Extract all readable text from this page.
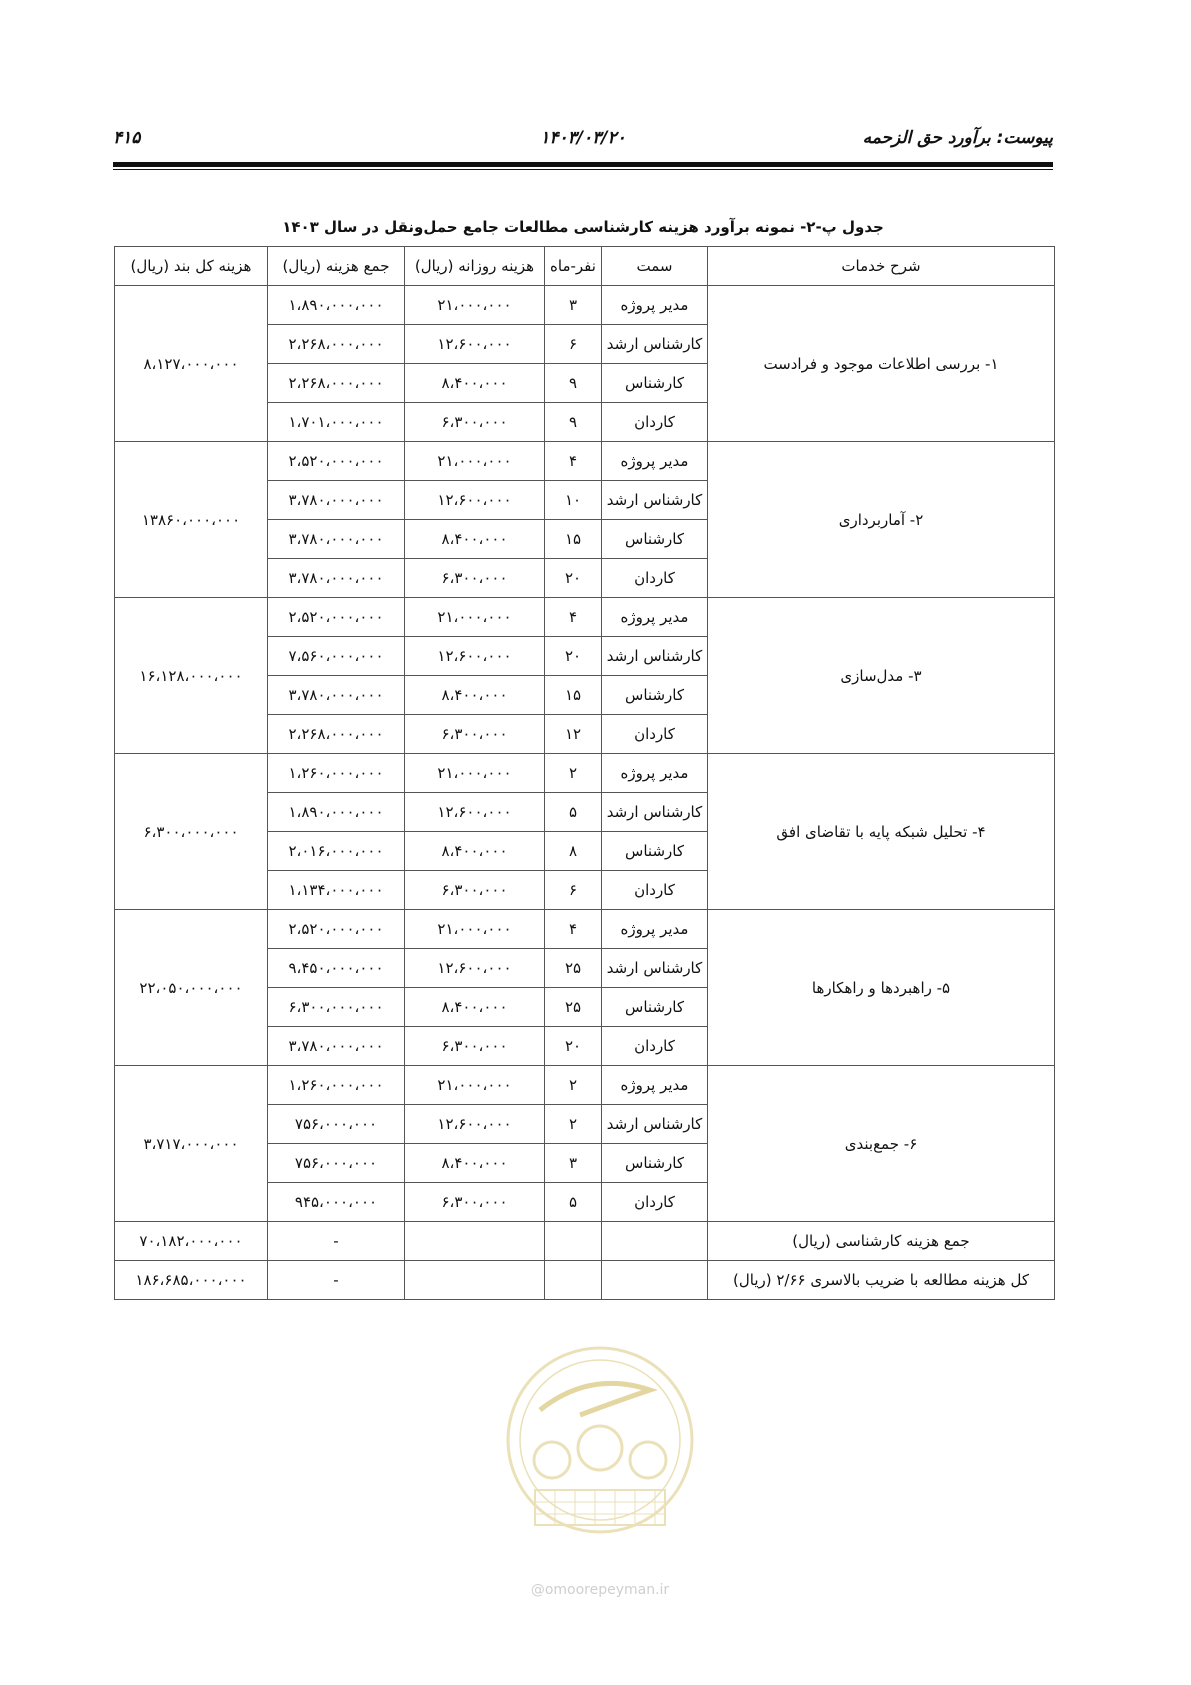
پیوست: برآورد حق الزحمه
۱۴۰۳/۰۳/۲۰
۴۱۵
جدول پ-۲- نمونه برآورد هزینه کارشناسی مطالعات جامع حمل‌ونقل در سال ۱۴۰۳
شرح خدمات	سمت	نفر-ماه	هزینه روزانه (ریال)	جمع هزینه (ریال)	هزینه کل بند (ریال)
۱- بررسی اطلاعات موجود و فرادست	مدیر پروژه	۳	۲۱،۰۰۰،۰۰۰	۱،۸۹۰،۰۰۰،۰۰۰	۸،۱۲۷،۰۰۰،۰۰۰
	کارشناس ارشد	۶	۱۲،۶۰۰،۰۰۰	۲،۲۶۸،۰۰۰،۰۰۰	
	کارشناس	۹	۸،۴۰۰،۰۰۰	۲،۲۶۸،۰۰۰،۰۰۰	
	کاردان	۹	۶،۳۰۰،۰۰۰	۱،۷۰۱،۰۰۰،۰۰۰	
۲- آماربرداری	مدیر پروژه	۴	۲۱،۰۰۰،۰۰۰	۲،۵۲۰،۰۰۰،۰۰۰	۱۳۸۶۰،۰۰۰،۰۰۰
	کارشناس ارشد	۱۰	۱۲،۶۰۰،۰۰۰	۳،۷۸۰،۰۰۰،۰۰۰	
	کارشناس	۱۵	۸،۴۰۰،۰۰۰	۳،۷۸۰،۰۰۰،۰۰۰	
	کاردان	۲۰	۶،۳۰۰،۰۰۰	۳،۷۸۰،۰۰۰،۰۰۰	
۳- مدل‌سازی	مدیر پروژه	۴	۲۱،۰۰۰،۰۰۰	۲،۵۲۰،۰۰۰،۰۰۰	۱۶،۱۲۸،۰۰۰،۰۰۰
	کارشناس ارشد	۲۰	۱۲،۶۰۰،۰۰۰	۷،۵۶۰،۰۰۰،۰۰۰	
	کارشناس	۱۵	۸،۴۰۰،۰۰۰	۳،۷۸۰،۰۰۰،۰۰۰	
	کاردان	۱۲	۶،۳۰۰،۰۰۰	۲،۲۶۸،۰۰۰،۰۰۰	
۴- تحلیل شبکه پایه با تقاضای افق	مدیر پروژه	۲	۲۱،۰۰۰،۰۰۰	۱،۲۶۰،۰۰۰،۰۰۰	۶،۳۰۰،۰۰۰،۰۰۰
	کارشناس ارشد	۵	۱۲،۶۰۰،۰۰۰	۱،۸۹۰،۰۰۰،۰۰۰	
	کارشناس	۸	۸،۴۰۰،۰۰۰	۲،۰۱۶،۰۰۰،۰۰۰	
	کاردان	۶	۶،۳۰۰،۰۰۰	۱،۱۳۴،۰۰۰،۰۰۰	
۵- راهبردها و راهکارها	مدیر پروژه	۴	۲۱،۰۰۰،۰۰۰	۲،۵۲۰،۰۰۰،۰۰۰	۲۲،۰۵۰،۰۰۰،۰۰۰
	کارشناس ارشد	۲۵	۱۲،۶۰۰،۰۰۰	۹،۴۵۰،۰۰۰،۰۰۰	
	کارشناس	۲۵	۸،۴۰۰،۰۰۰	۶،۳۰۰،۰۰۰،۰۰۰	
	کاردان	۲۰	۶،۳۰۰،۰۰۰	۳،۷۸۰،۰۰۰،۰۰۰	
۶- جمع‌بندی	مدیر پروژه	۲	۲۱،۰۰۰،۰۰۰	۱،۲۶۰،۰۰۰،۰۰۰	۳،۷۱۷،۰۰۰،۰۰۰
	کارشناس ارشد	۲	۱۲،۶۰۰،۰۰۰	۷۵۶،۰۰۰،۰۰۰	
	کارشناس	۳	۸،۴۰۰،۰۰۰	۷۵۶،۰۰۰،۰۰۰	
	کاردان	۵	۶،۳۰۰،۰۰۰	۹۴۵،۰۰۰،۰۰۰	
جمع هزینه کارشناسی (ریال)				-	۷۰،۱۸۲،۰۰۰،۰۰۰
کل هزینه مطالعه با ضریب بالاسری ۲/۶۶ (ریال)				-	۱۸۶،۶۸۵،۰۰۰،۰۰۰
@omoorepeyman.ir
